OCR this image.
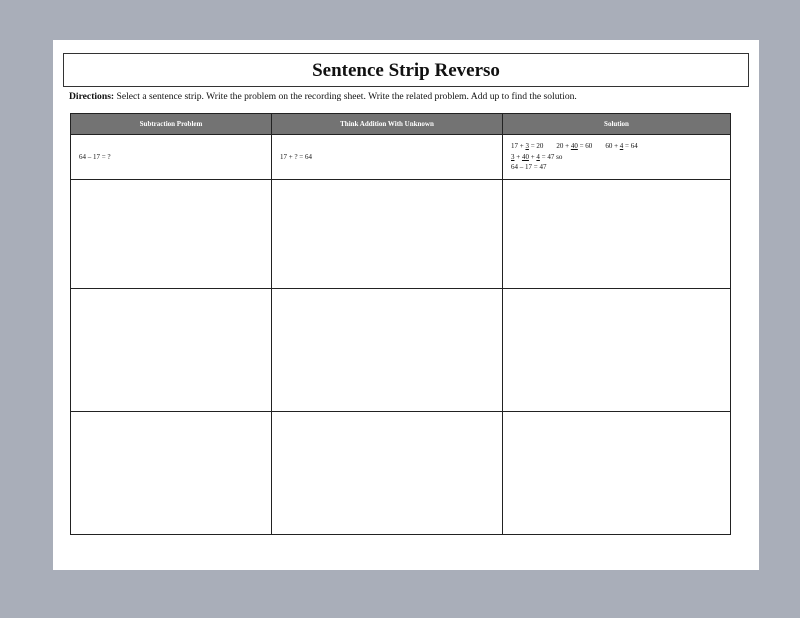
Sentence Strip Reverso
Directions: Select a sentence strip. Write the problem on the recording sheet. Write the related problem. Add up to find the solution.
Subtraction Problem	Think Addition With Unknown	Solution

64 – 17 = ?	17 + ? = 64	17 + 3 = 20 20 + 40 = 60 60 + 4 = 64
3 + 40 + 4 = 47 so
64 – 17 = 47
